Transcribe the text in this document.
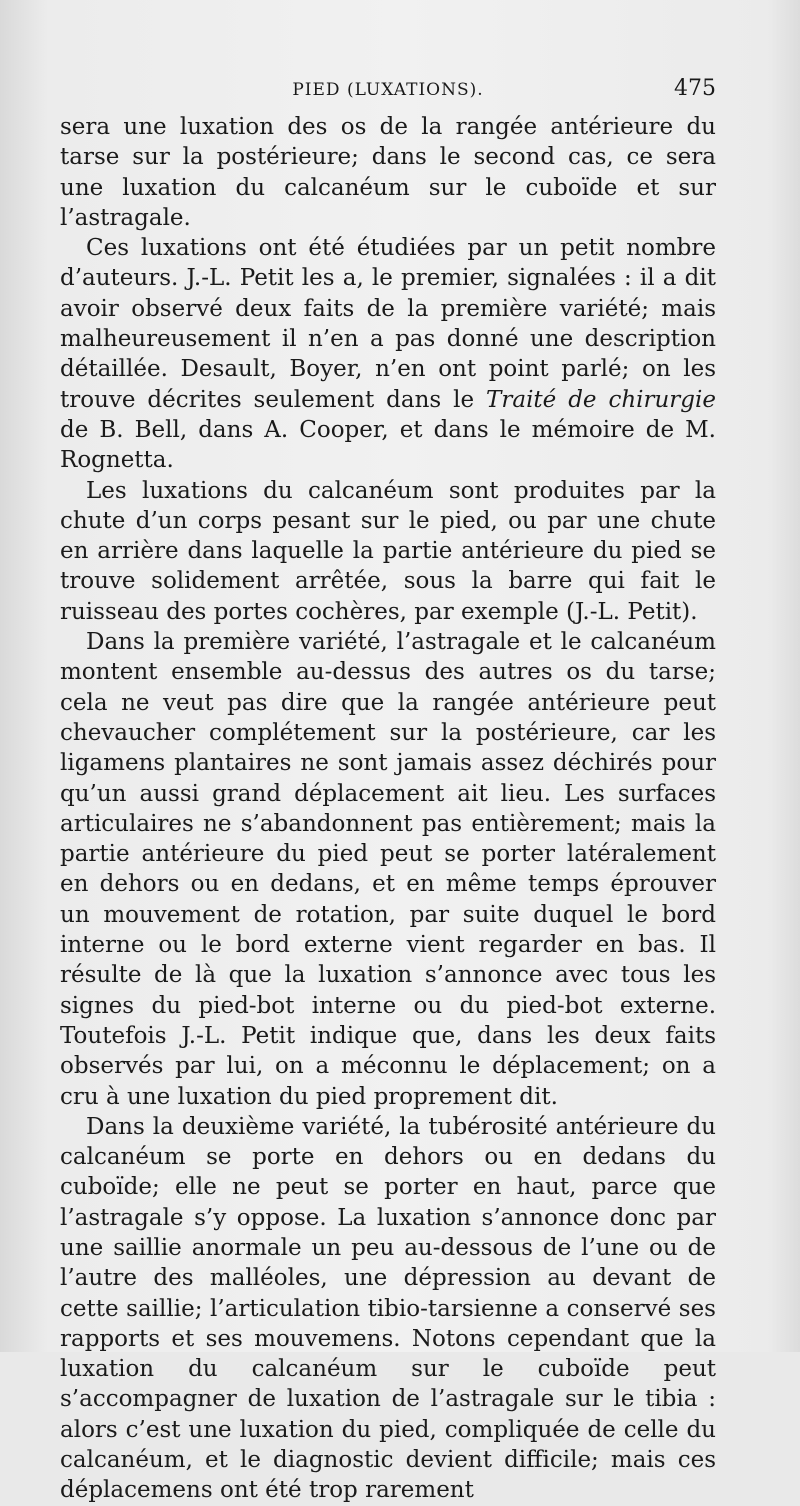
PIED (LUXATIONS).	475

sera une luxation des os de la rangée antérieure du tarse sur la postérieure; dans le second cas, ce sera une luxation du calcanéum sur le cuboïde et sur l’astragale.

Ces luxations ont été étudiées par un petit nombre d’auteurs. J.-L. Petit les a, le premier, signalées : il a dit avoir observé deux faits de la première variété; mais malheureusement il n’en a pas donné une description détaillée. Desault, Boyer, n’en ont point parlé; on les trouve décrites seulement dans le Traité de chirurgie de B. Bell, dans A. Cooper, et dans le mémoire de M. Rognetta.

Les luxations du calcanéum sont produites par la chute d’un corps pesant sur le pied, ou par une chute en arrière dans laquelle la partie antérieure du pied se trouve solidement arrêtée, sous la barre qui fait le ruisseau des portes cochères, par exemple (J.-L. Petit).

Dans la première variété, l’astragale et le calcanéum montent ensemble au-dessus des autres os du tarse; cela ne veut pas dire que la rangée antérieure peut chevaucher complétement sur la postérieure, car les ligamens plantaires ne sont jamais assez déchirés pour qu’un aussi grand déplacement ait lieu. Les surfaces articulaires ne s’abandonnent pas entièrement; mais la partie antérieure du pied peut se porter latéralement en dehors ou en dedans, et en même temps éprouver un mouvement de rotation, par suite duquel le bord interne ou le bord externe vient regarder en bas. Il résulte de là que la luxation s’annonce avec tous les signes du pied-bot interne ou du pied-bot externe. Toutefois J.-L. Petit indique que, dans les deux faits observés par lui, on a méconnu le déplacement; on a cru à une luxation du pied proprement dit.

Dans la deuxième variété, la tubérosité antérieure du calcanéum se porte en dehors ou en dedans du cuboïde; elle ne peut se porter en haut, parce que l’astragale s’y oppose. La luxation s’annonce donc par une saillie anormale un peu au-dessous de l’une ou de l’autre des malléoles, une dépression au devant de cette saillie; l’articulation tibio-tarsienne a conservé ses rapports et ses mouvemens. Notons cependant que la luxation du calcanéum sur le cuboïde peut s’accompagner de luxation de l’astragale sur le tibia : alors c’est une luxation du pied, compliquée de celle du calcanéum, et le diagnostic devient difficile; mais ces déplacemens ont été trop rarement
